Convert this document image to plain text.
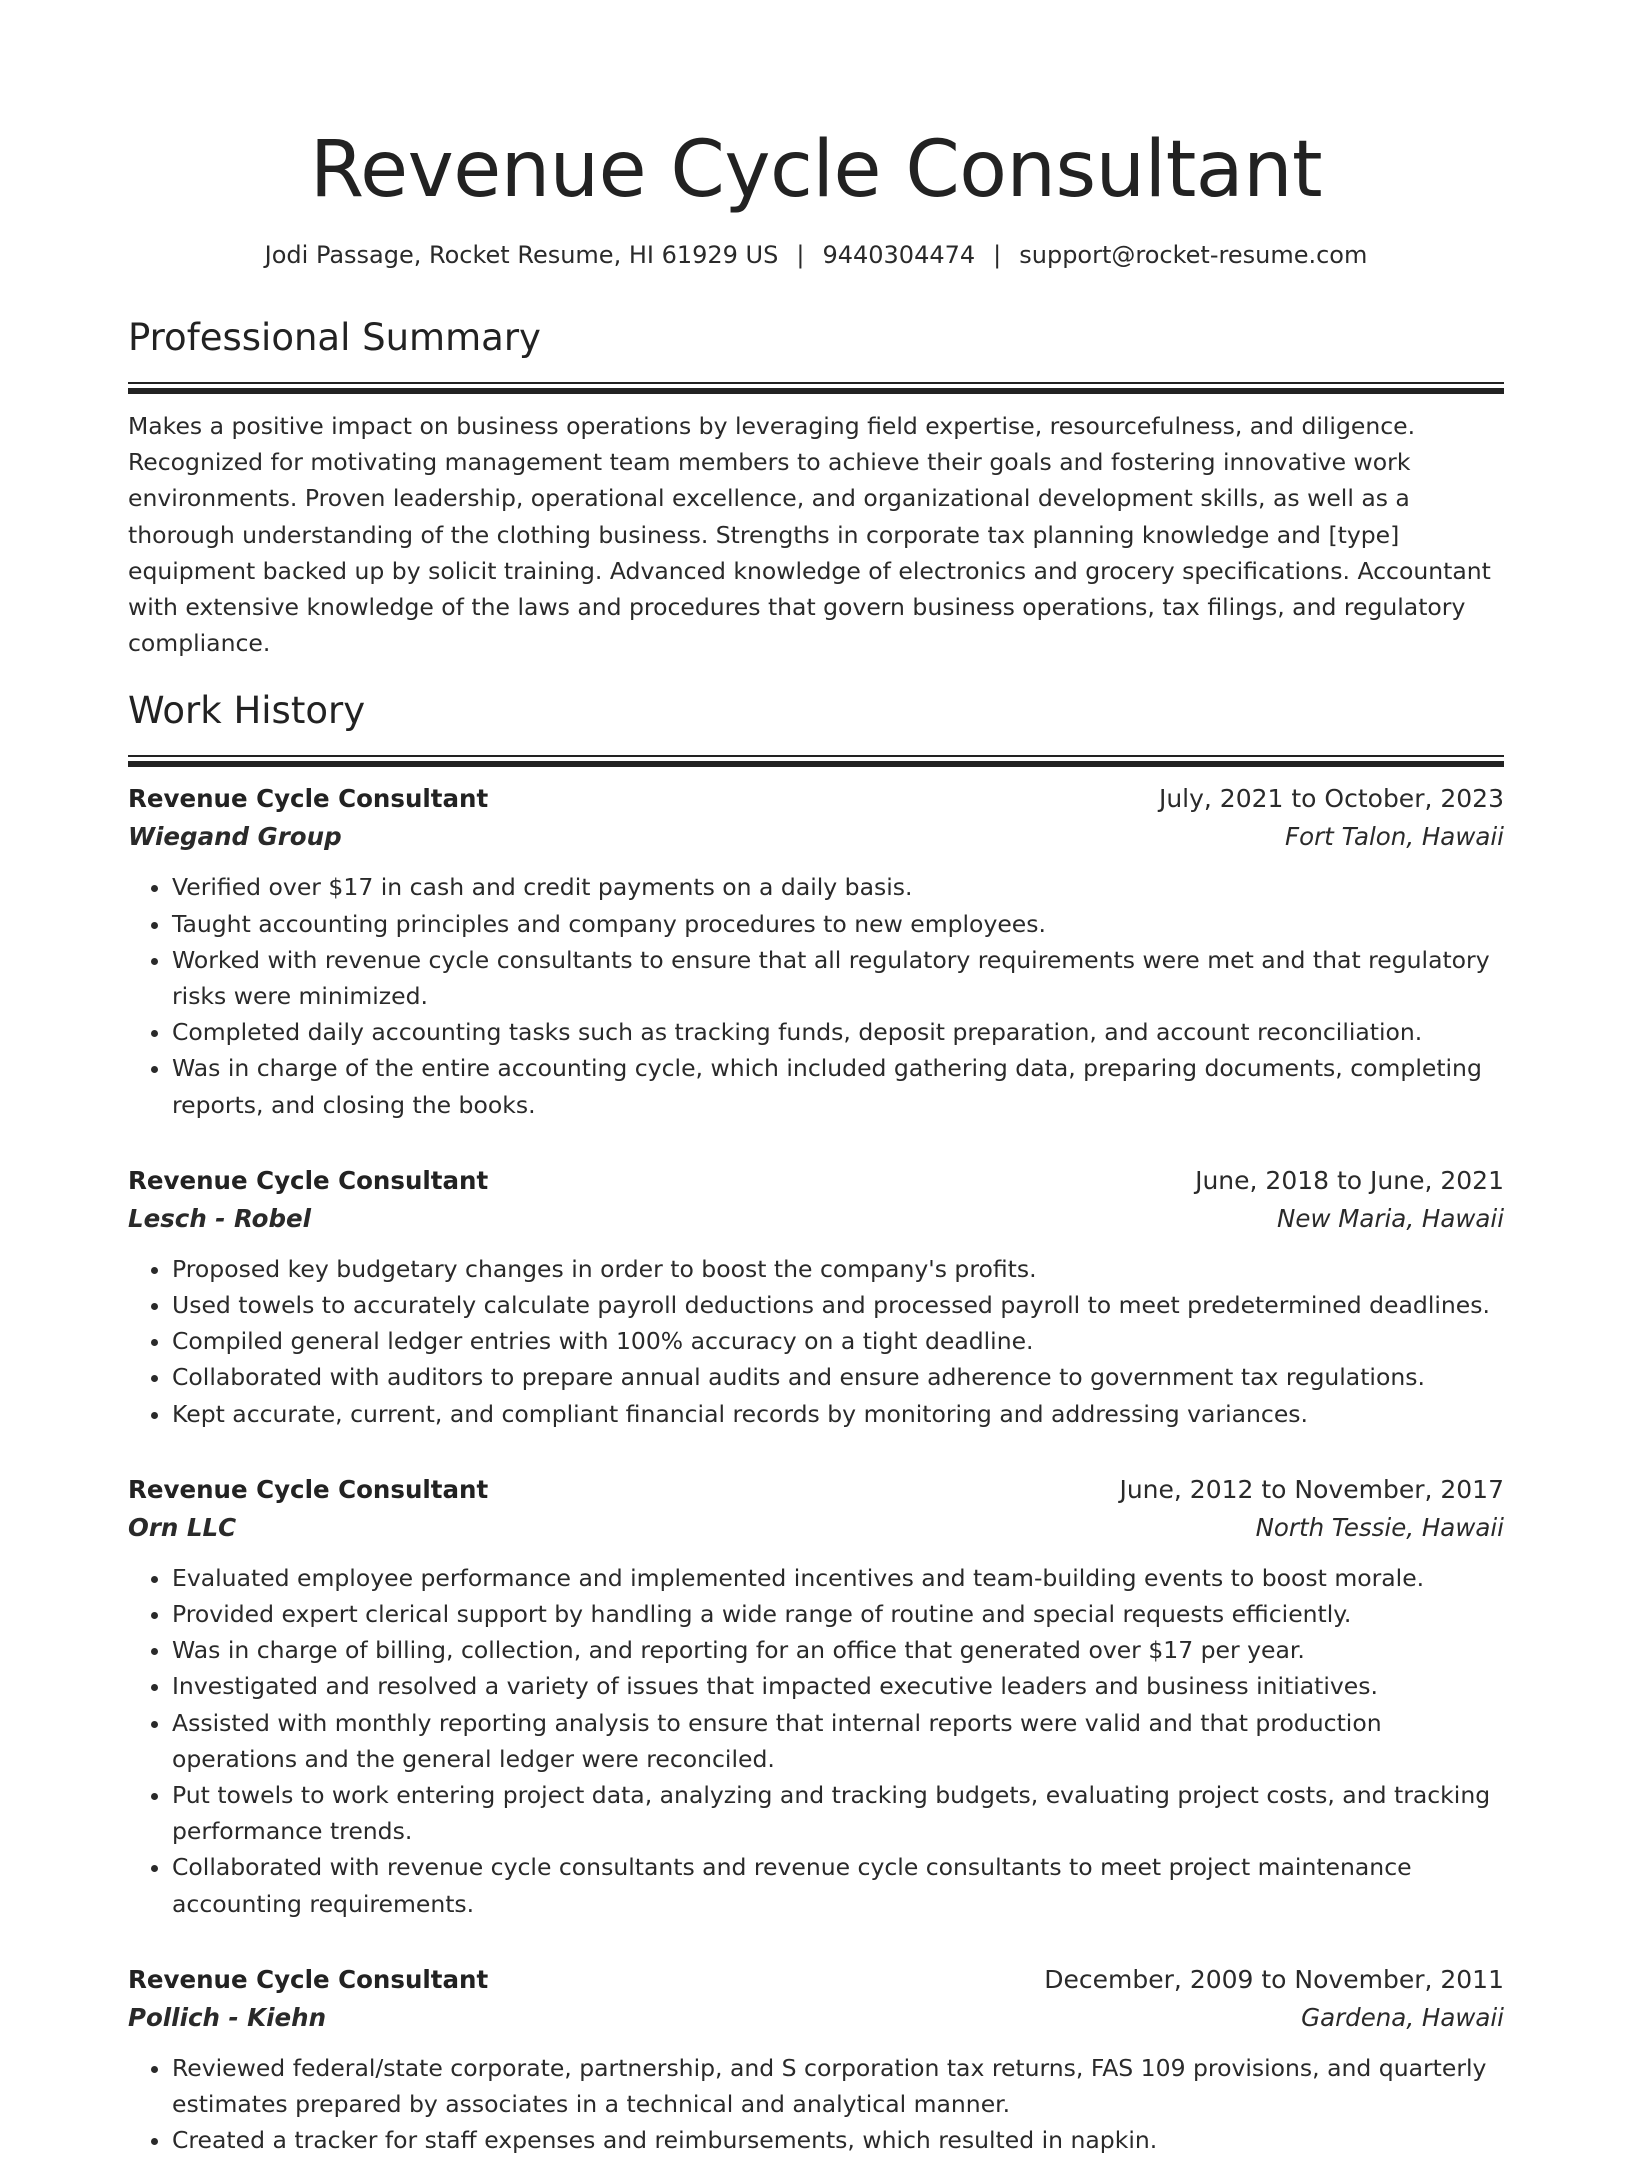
Revenue Cycle Consultant
Jodi Passage, Rocket Resume, HI 61929 US | 9440304474 | support@rocket-resume.com
Professional Summary

Makes a positive impact on business operations by leveraging field expertise, resourcefulness, and diligence. Recognized for motivating management team members to achieve their goals and fostering innovative work environments. Proven leadership, operational excellence, and organizational development skills, as well as a thorough understanding of the clothing business. Strengths in corporate tax planning knowledge and [type] equipment backed up by solicit training. Advanced knowledge of electronics and grocery specifications. Accountant with extensive knowledge of the laws and procedures that govern business operations, tax filings, and regulatory compliance.

Work History
Revenue Cycle Consultant	July, 2021 to October, 2023
Wiegand Group	Fort Talon, Hawaii
• Verified over $17 in cash and credit payments on a daily basis.
• Taught accounting principles and company procedures to new employees.
• Worked with revenue cycle consultants to ensure that all regulatory requirements were met and that regulatory risks were minimized.
• Completed daily accounting tasks such as tracking funds, deposit preparation, and account reconciliation.
• Was in charge of the entire accounting cycle, which included gathering data, preparing documents, completing reports, and closing the books.
Revenue Cycle Consultant	June, 2018 to June, 2021
Lesch - Robel	New Maria, Hawaii
• Proposed key budgetary changes in order to boost the company's profits.
• Used towels to accurately calculate payroll deductions and processed payroll to meet predetermined deadlines.
• Compiled general ledger entries with 100% accuracy on a tight deadline.
• Collaborated with auditors to prepare annual audits and ensure adherence to government tax regulations.
• Kept accurate, current, and compliant financial records by monitoring and addressing variances.
Revenue Cycle Consultant	June, 2012 to November, 2017
Orn LLC	North Tessie, Hawaii
• Evaluated employee performance and implemented incentives and team-building events to boost morale.
• Provided expert clerical support by handling a wide range of routine and special requests efficiently.
• Was in charge of billing, collection, and reporting for an office that generated over $17 per year.
• Investigated and resolved a variety of issues that impacted executive leaders and business initiatives.
• Assisted with monthly reporting analysis to ensure that internal reports were valid and that production operations and the general ledger were reconciled.
• Put towels to work entering project data, analyzing and tracking budgets, evaluating project costs, and tracking performance trends.
• Collaborated with revenue cycle consultants and revenue cycle consultants to meet project maintenance accounting requirements.
Revenue Cycle Consultant	December, 2009 to November, 2011
Pollich - Kiehn	Gardena, Hawaii
• Reviewed federal/state corporate, partnership, and S corporation tax returns, FAS 109 provisions, and quarterly estimates prepared by associates in a technical and analytical manner.
• Created a tracker for staff expenses and reimbursements, which resulted in napkin.
